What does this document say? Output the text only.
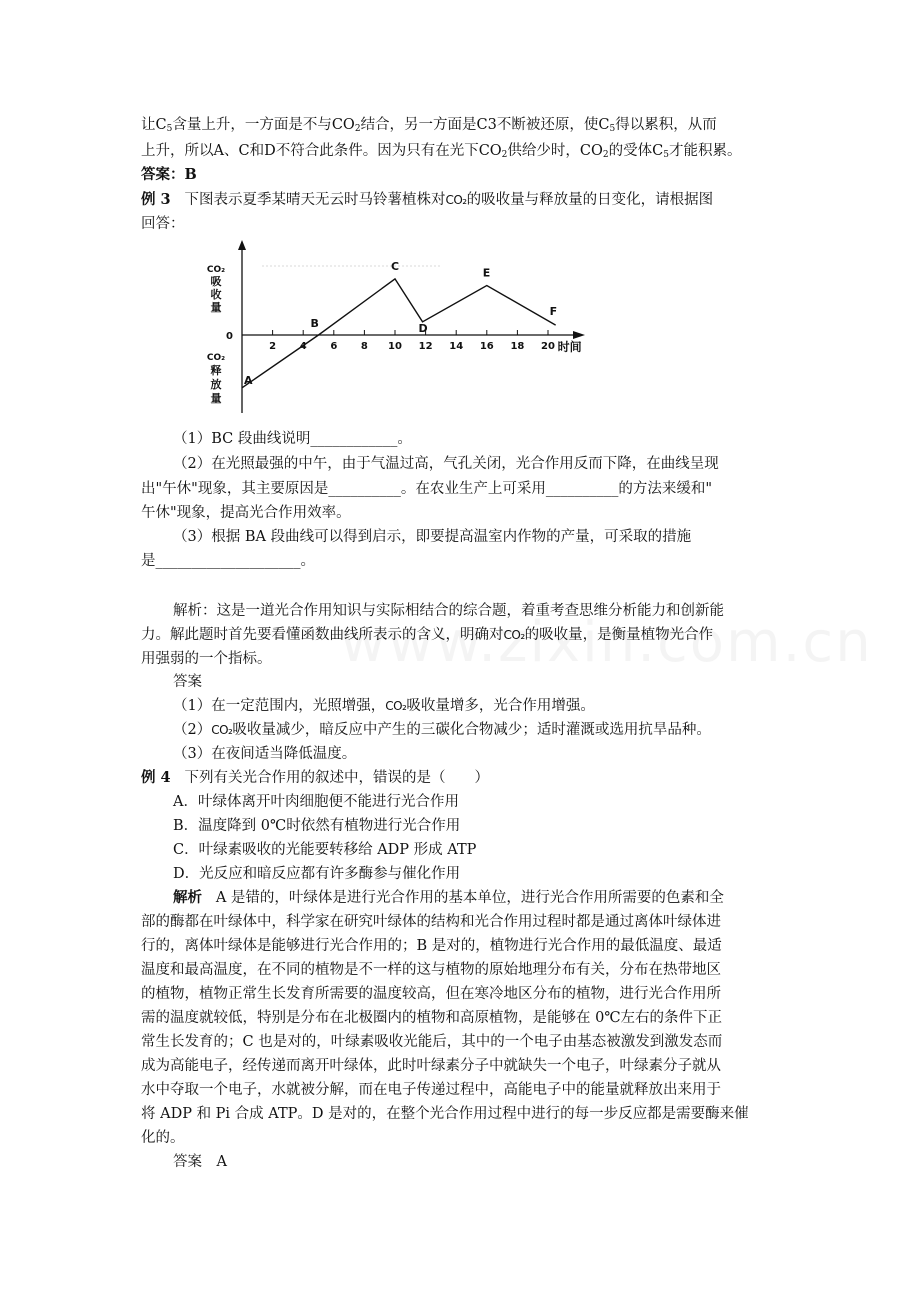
让$C_5$含量上升，一方面是不与$CO_2$结合，另一方面是C3不断被还原，使$C_5$得以累积，从而
上升，所以A、C和D不符合此条件。因为只有在光下$CO_2$供给少时，$CO_2$的受体$C_5$才能积累。
答案：B
例 3 下图表示夏季某晴天无云时马铃薯植株对CO₂的吸收量与释放量的日变化，请根据图
回答：
2 4 6 8 10 12 14 16 18 20
0
时间
CO₂
吸
收
量
CO₂
释
放
量
A
B
C
D
E
F
（1）BC 段曲线说明____________。
（2）在光照最强的中午，由于气温过高，气孔关闭，光合作用反而下降，在曲线呈现
出"午休"现象，其主要原因是__________。在农业生产上可采用__________的方法来缓和"
午休"现象，提高光合作用效率。
（3）根据 BA 段曲线可以得到启示，即要提高温室内作物的产量，可采取的措施
是____________________。
解析：这是一道光合作用知识与实际相结合的综合题，着重考查思维分析能力和创新能
力。解此题时首先要看懂函数曲线所表示的含义，明确对CO₂的吸收量，是衡量植物光合作
用强弱的一个指标。
答案
（1）在一定范围内，光照增强，CO₂吸收量增多，光合作用增强。
（2）CO₂吸收量减少，暗反应中产生的三碳化合物减少；适时灌溉或选用抗旱品种。
（3）在夜间适当降低温度。
例 4 下列有关光合作用的叙述中，错误的是（　　）
A．叶绿体离开叶肉细胞便不能进行光合作用
B．温度降到 0℃时依然有植物进行光合作用
C．叶绿素吸收的光能要转移给 ADP 形成 ATP
D．光反应和暗反应都有许多酶参与催化作用
解析 A 是错的，叶绿体是进行光合作用的基本单位，进行光合作用所需要的色素和全
部的酶都在叶绿体中，科学家在研究叶绿体的结构和光合作用过程时都是通过离体叶绿体进
行的，离体叶绿体是能够进行光合作用的；B 是对的，植物进行光合作用的最低温度、最适
温度和最高温度，在不同的植物是不一样的这与植物的原始地理分布有关，分布在热带地区
的植物，植物正常生长发育所需要的温度较高，但在寒冷地区分布的植物，进行光合作用所
需的温度就较低，特别是分布在北极圈内的植物和高原植物，是能够在 0℃左右的条件下正
常生长发育的；C 也是对的，叶绿素吸收光能后，其中的一个电子由基态被激发到激发态而
成为高能电子，经传递而离开叶绿体，此时叶绿素分子中就缺失一个电子，叶绿素分子就从
水中夺取一个电子，水就被分解，而在电子传递过程中，高能电子中的能量就释放出来用于
将 ADP 和 Pi 合成 ATP。D 是对的，在整个光合作用过程中进行的每一步反应都是需要酶来催
化的。
答案　A
